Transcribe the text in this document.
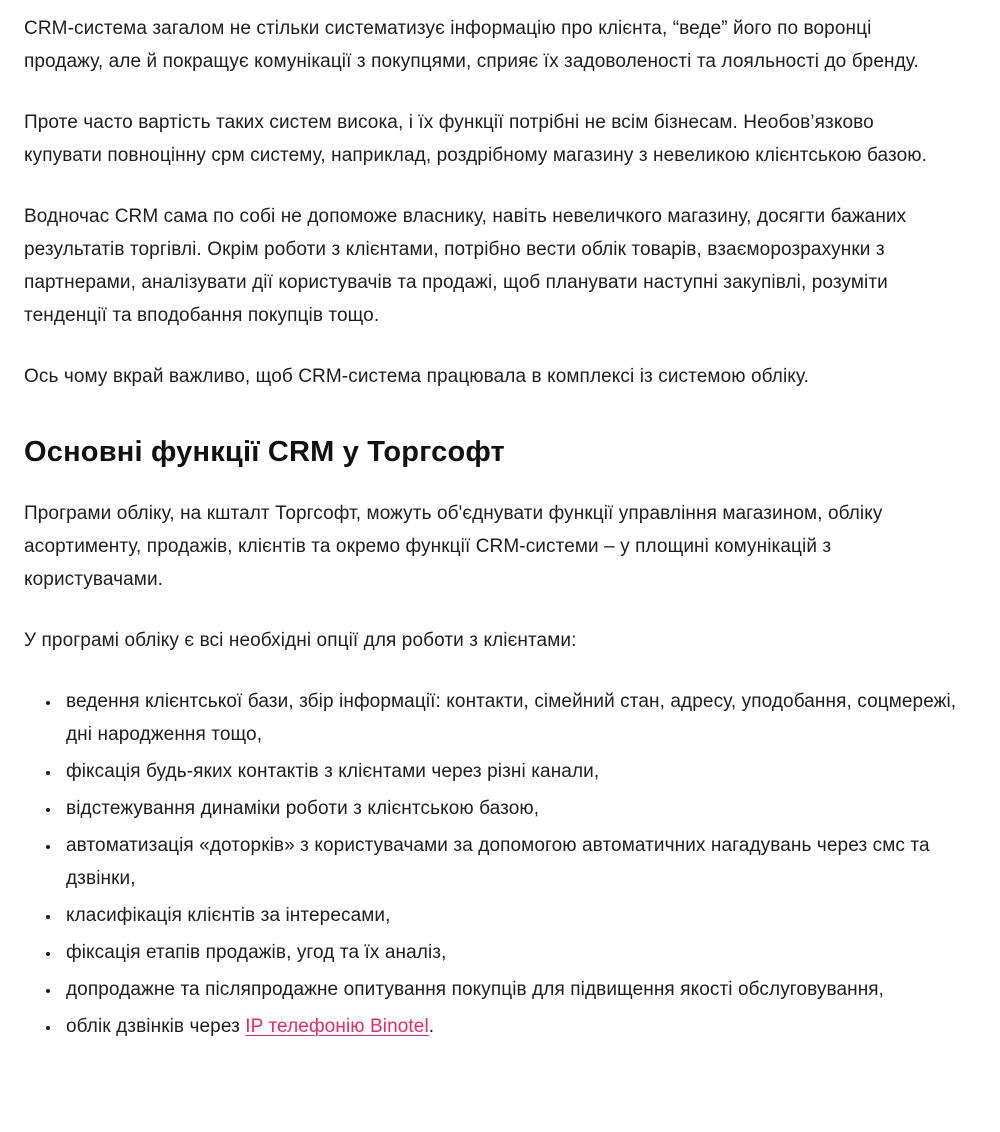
CRM-система загалом не стільки систематизує інформацію про клієнта, “веде” його по воронці продажу, але й покращує комунікації з покупцями, сприяє їх задоволеності та лояльності до бренду.

Проте часто вартість таких систем висока, і їх функції потрібні не всім бізнесам. Необов’язково купувати повноцінну срм систему, наприклад, роздрібному магазину з невеликою клієнтською базою.

Водночас CRM сама по собі не допоможе власнику, навіть невеличкого магазину, досягти бажаних результатів торгівлі. Окрім роботи з клієнтами, потрібно вести облік товарів, взаєморозрахунки з партнерами, аналізувати дії користувачів та продажі, щоб планувати наступні закупівлі, розуміти тенденції та вподобання покупців тощо.

Ось чому вкрай важливо, щоб CRM-система працювала в комплексі із системою обліку.

Основні функції CRM у Торгсофт

Програми обліку, на кшталт Торгсофт, можуть об'єднувати функції управління магазином, обліку асортименту, продажів, клієнтів та окремо функції CRM-системи – у площині комунікацій з користувачами.

У програмі обліку є всі необхідні опції для роботи з клієнтами:

• ведення клієнтської бази, збір інформації: контакти, сімейний стан, адресу, уподобання, соцмережі, дні народження тощо,
• фіксація будь-яких контактів з клієнтами через різні канали,
• відстежування динаміки роботи з клієнтською базою,
• автоматизація «доторків» з користувачами за допомогою автоматичних нагадувань через смс та дзвінки,
• класифікація клієнтів за інтересами,
• фіксація етапів продажів, угод та їх аналіз,
• допродажне та післяпродажне опитування покупців для підвищення якості обслуговування,
• облік дзвінків через IP телефонію Binotel.
